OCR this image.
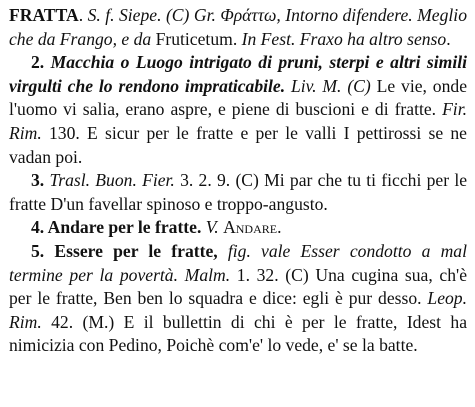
FRATTA. S. f. Siepe. (C) Gr. Φράττω, Intorno difendere. Meglio che da Frango, e da Fruticetum. In Fest. Fraxo ha altro senso.

2. Macchia o Luogo intrigato di pruni, sterpi e altri simili virgulti che lo rendono impraticabile. Liv. M. (C) Le vie, onde l'uomo vi salia, erano aspre, e piene di buscioni e di fratte. Fir. Rim. 130. E sicur per le fratte e per le valli I pettirossi se ne vadan poi.

3. Trasl. Buon. Fier. 3. 2. 9. (C) Mi par che tu ti ficchi per le fratte D'un favellar spinoso e troppo-angusto.

4. Andare per le fratte. V. Andare.

5. Essere per le fratte, fig. vale Esser condotto a mal termine per la povertà. Malm. 1. 32. (C) Una cugina sua, ch'è per le fratte, Ben ben lo squadra e dice: egli è pur desso. Leop. Rim. 42. (M.) E il bullettin di chi è per le fratte, Idest ha nimicizia con Pedino, Poichè com'e' lo vede, e' se la batte.
